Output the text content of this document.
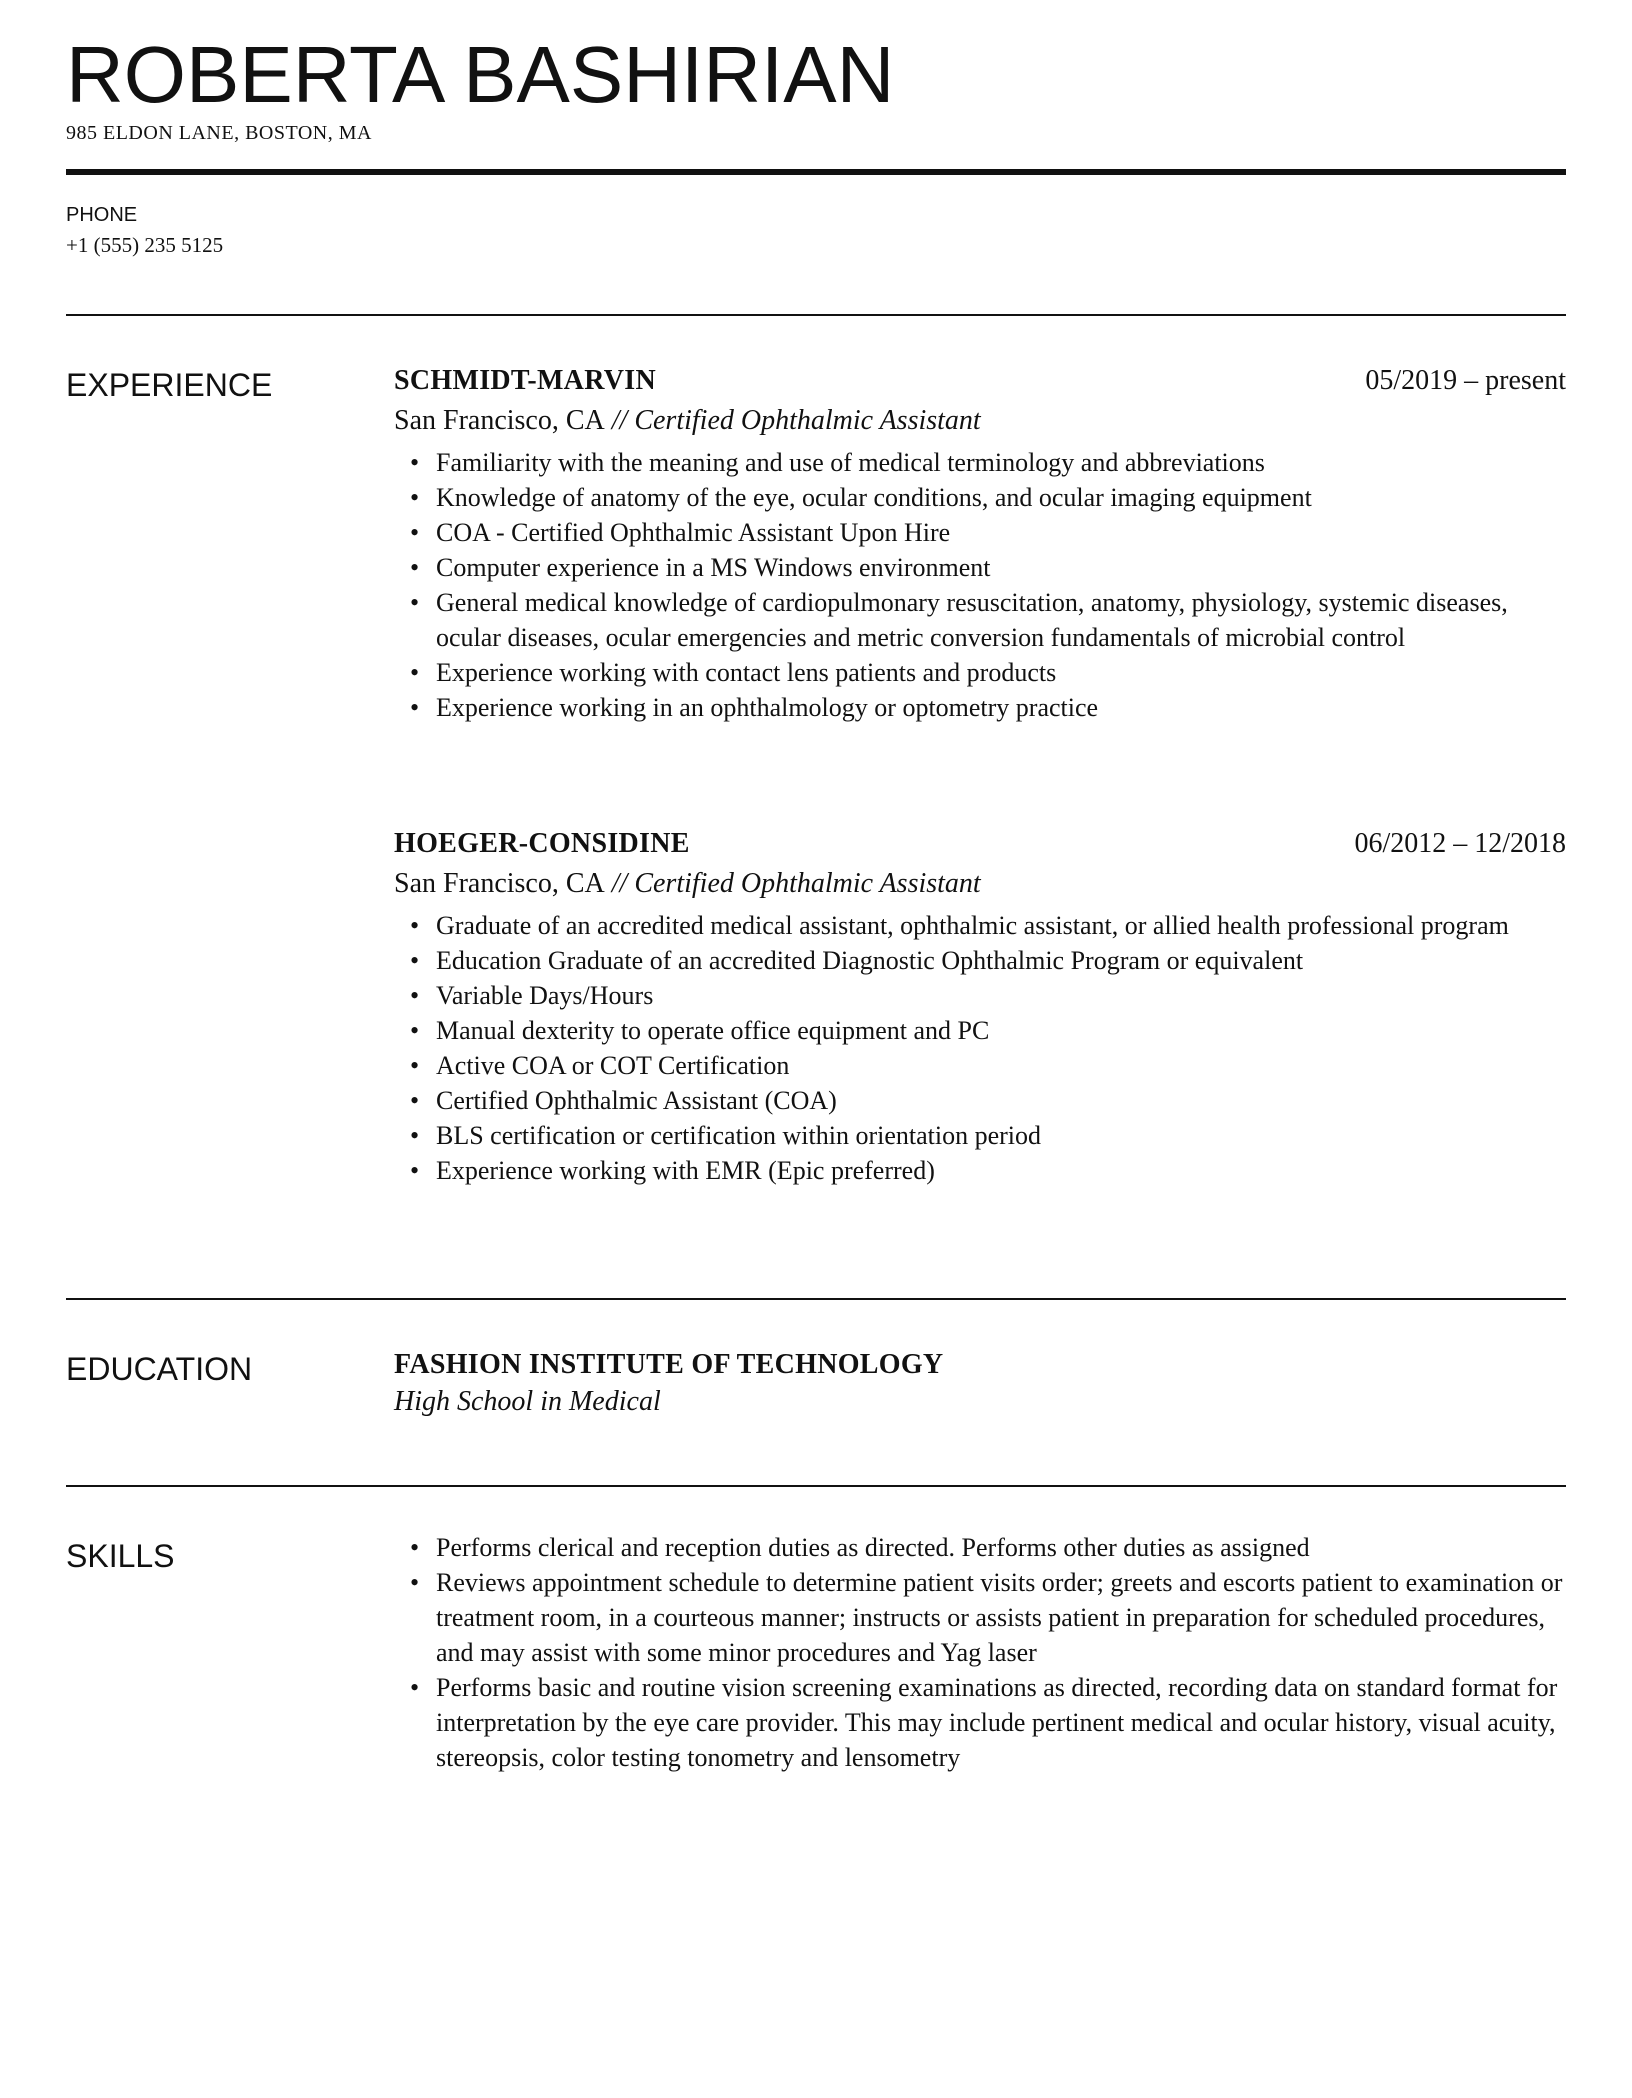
ROBERTA BASHIRIAN
985 ELDON LANE, BOSTON, MA
PHONE
+1 (555) 235 5125
EXPERIENCE	SCHMIDT-MARVIN	05/2019 – present
San Francisco, CA // Certified Ophthalmic Assistant
• Familiarity with the meaning and use of medical terminology and abbreviations
• Knowledge of anatomy of the eye, ocular conditions, and ocular imaging equipment
• COA - Certified Ophthalmic Assistant Upon Hire
• Computer experience in a MS Windows environment
• General medical knowledge of cardiopulmonary resuscitation, anatomy, physiology, systemic diseases, ocular diseases, ocular emergencies and metric conversion fundamentals of microbial control
• Experience working with contact lens patients and products
• Experience working in an ophthalmology or optometry practice
HOEGER-CONSIDINE	06/2012 – 12/2018
San Francisco, CA // Certified Ophthalmic Assistant
• Graduate of an accredited medical assistant, ophthalmic assistant, or allied health professional program
• Education Graduate of an accredited Diagnostic Ophthalmic Program or equivalent
• Variable Days/Hours
• Manual dexterity to operate office equipment and PC
• Active COA or COT Certification
• Certified Ophthalmic Assistant (COA)
• BLS certification or certification within orientation period
• Experience working with EMR (Epic preferred)
EDUCATION	FASHION INSTITUTE OF TECHNOLOGY
High School in Medical
SKILLS
•	Performs clerical and reception duties as directed. Performs other duties as assigned
• Reviews appointment schedule to determine patient visits order; greets and escorts patient to examination or treatment room, in a courteous manner; instructs or assists patient in preparation for scheduled procedures, and may assist with some minor procedures and Yag laser
• Performs basic and routine vision screening examinations as directed, recording data on standard format for interpretation by the eye care provider. This may include pertinent medical and ocular history, visual acuity, stereopsis, color testing tonometry and lensometry
